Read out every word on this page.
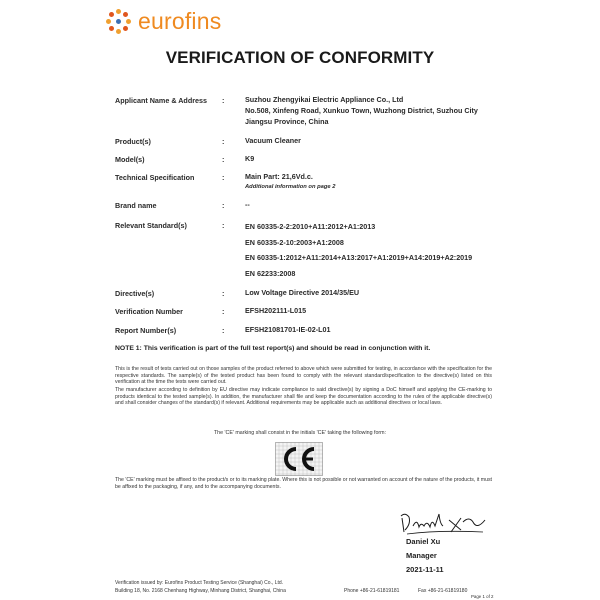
eurofins
VERIFICATION OF CONFORMITY
Applicant Name & Address :	Suzhou Zhengyikai Electric Appliance Co., Ltd
No.508, Xinfeng Road, Xunkuo Town, Wuzhong District, Suzhou City
Jiangsu Province, China
Product(s)	:	Vacuum Cleaner
Model(s)	:	K9
Technical Specification	:	Main Part: 21,6Vd.c.
Additional information on page 2
Brand name	:	--
Relevant Standard(s)	:	EN 60335-2-2:2010+A11:2012+A1:2013
EN 60335-2-10:2003+A1:2008
EN 60335-1:2012+A11:2014+A13:2017+A1:2019+A14:2019+A2:2019
EN 62233:2008
Directive(s)	:	Low Voltage Directive 2014/35/EU
Verification Number	:	EFSH202111-L015
Report Number(s)	:	EFSH21081701-IE-02-L01
NOTE 1: This verification is part of the full test report(s) and should be read in conjunction with it.
This is the result of tests carried out on those samples of the product referred to above which were submitted for testing, in accordance with the specification for the respective standards. The sample(s) of the tested product has been found to comply with the relevant standard/specification to the directive(s) listed on this verification at the time the tests were carried out.
The manufacturer according to definition by EU directive may indicate compliance to said directive(s) by signing a DoC himself and applying the CE-marking to products identical to the tested sample(s). In addition, the manufacturer shall file and keep the documentation according to the rules of the applicable directive(s) and shall consider changes of the standard(s) if relevant. Additional requirements may be applicable such as additional directives or local laws.
The 'CE' marking shall consist in the initials 'CE' taking the following form:
The 'CE' marking must be affixed to the product/s or to its marking plate. Where this is not possible or not warranted on account of the nature of the products, it must be affixed to the packaging, if any, and to the accompanying documents.
Daniel Xu
Manager
2021-11-11
Verification issued by: Eurofins Product Testing Service (Shanghai) Co., Ltd.
Building 18, No. 2168 Chenhang Highway, Minhang District, Shanghai, China	Phone +86-21-61819181	Fax +86-21-61819180
Page 1 of 2
